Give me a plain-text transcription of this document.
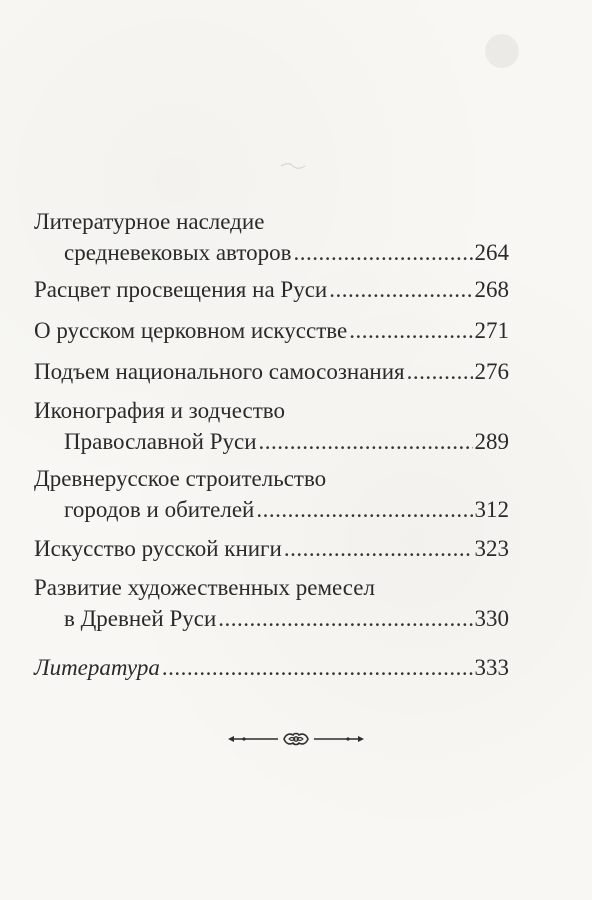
Литературное наследие
средневековых авторов .....	264
Расцвет просвещения на Руси .....	268
О русском церковном искусстве .....	271
Подъем национального самосознания .....	276
Иконография и зодчество
Православной Руси .....	289
Древнерусское строительство
городов и обителей .....	312
Искусство русской книги .....	323
Развитие художественных ремесел
в Древней Руси .....	330
Литература .....	333
